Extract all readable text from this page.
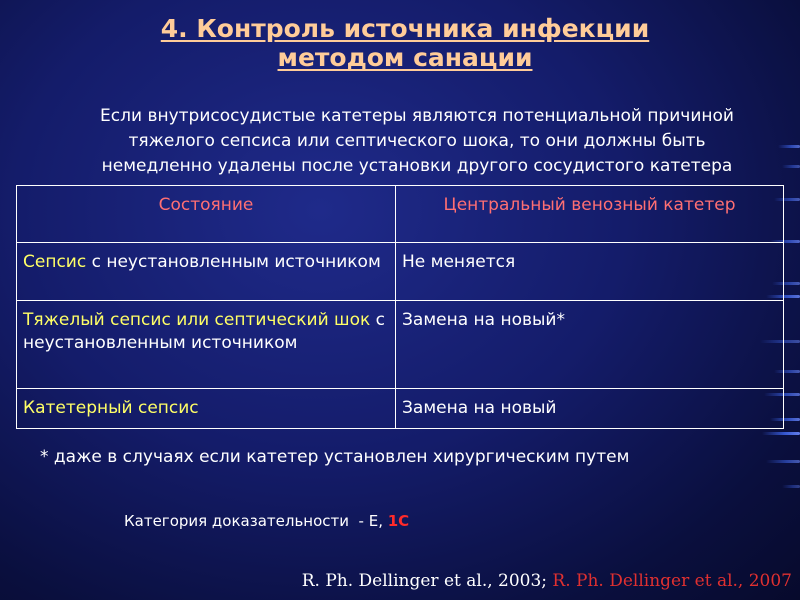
4. Контроль источника инфекции
методом санации
Если внутрисосудистые катетеры являются потенциальной причиной
тяжелого сепсиса или септического шока, то они должны быть
немедленно удалены после установки другого сосудистого катетера
Состояние	Центральный венозный катетер
Сепсис с неустановленным источником	Не меняется
Тяжелый сепсис или септический шок с неустановленным источником	Замена на новый*
Катетерный сепсис	Замена на новый
* даже в случаях если катетер установлен хирургическим путем
Категория доказательности  - Е, 1C
R. Ph. Dellinger et al., 2003; R. Ph. Dellinger et al., 2007
